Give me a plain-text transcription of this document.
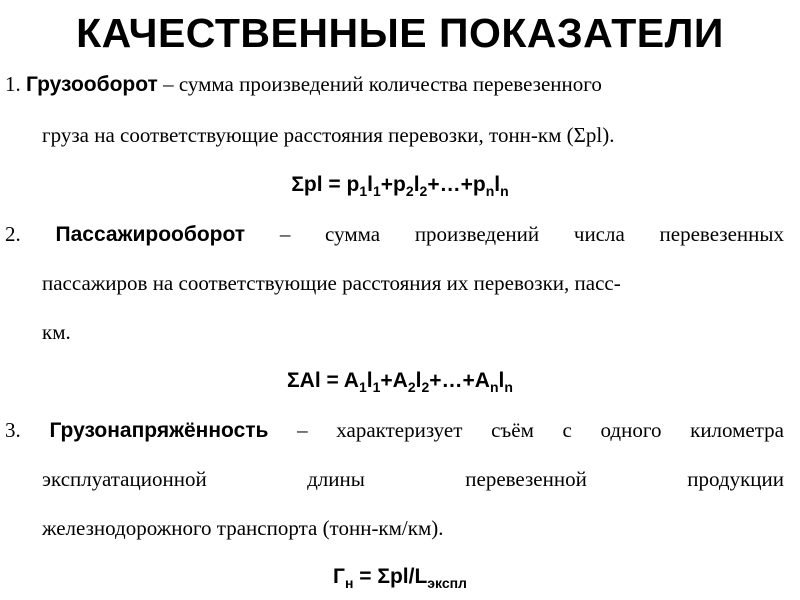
КАЧЕСТВЕННЫЕ ПОКАЗАТЕЛИ
1. Грузооборот – сумма произведений количества перевезенного
груза на соответствующие расстояния перевозки, тонн-км (Σpl).
$\Sigma pl = p_1l_1+p_2l_2+\dots+p_nl_n$
2. Пассажирооборот – сумма произведений числа перевезенных
пассажиров на соответствующие расстояния их перевозки, пасс-
км.
$\Sigma Al = A_1l_1+A_2l_2+\dots+A_nl_n$
3. Грузонапряжённость – характеризует съём с одного километра
эксплуатационной длины перевезенной продукции
железнодорожного транспорта (тонн-км/км).
$Г_н = \Sigma pl/L_{экспл}$
